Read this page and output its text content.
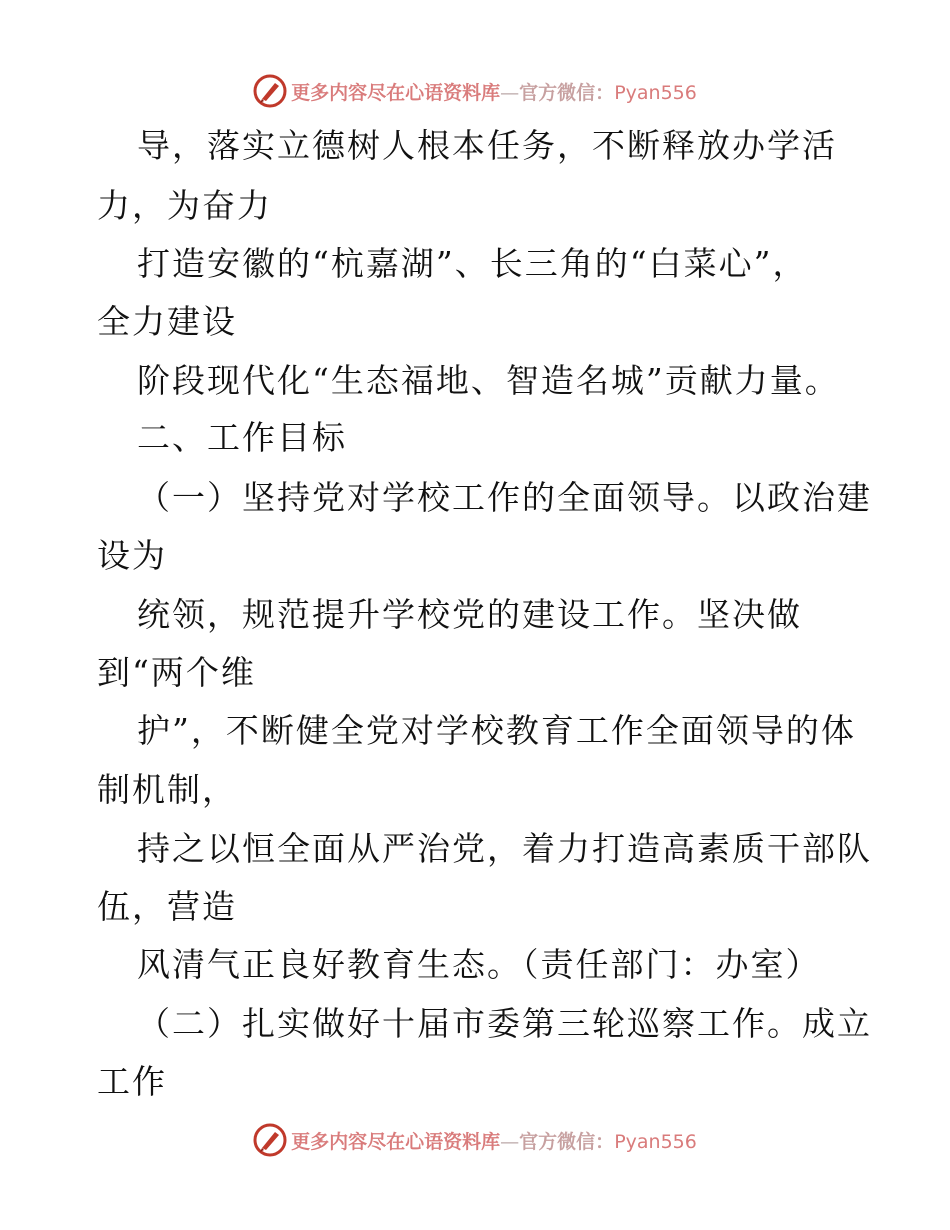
更多内容尽在心语资料库—官方微信：Pyan556
导，落实立德树人根本任务，不断释放办学活
力，为奋力
打造安徽的“杭嘉湖”、长三角的“白菜心”，
全力建设
阶段现代化“生态福地、智造名城”贡献力量。
二、工作目标
（一）坚持党对学校工作的全面领导。以政治建
设为
统领，规范提升学校党的建设工作。坚决做
到“两个维
护”，不断健全党对学校教育工作全面领导的体
制机制，
持之以恒全面从严治党，着力打造高素质干部队
伍，营造
风清气正良好教育生态。（责任部门：办室）
（二）扎实做好十届市委第三轮巡察工作。成立
工作
更多内容尽在心语资料库—官方微信：Pyan556
